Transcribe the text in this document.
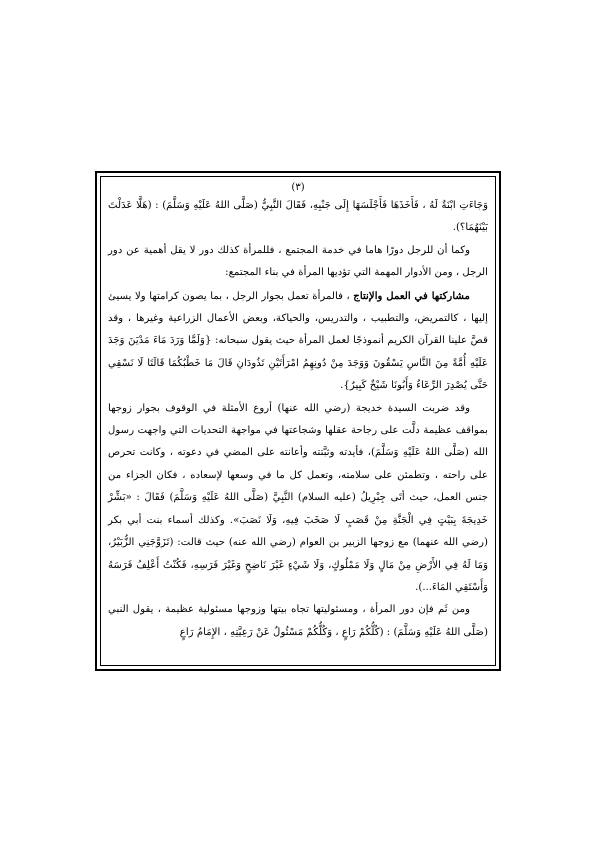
(٣)

وَجَاءَتِ ابْنَةٌ لَهُ ، فَأَخَذَهَا فَأَجْلَسَهَا إِلَى جَنْبِهِ، فَقَالَ النَّبِيُّ (صَلَّى اللهُ عَلَيْهِ وَسَلَّمَ) : (هَلَّا عَدَلْتَ بَيْنَهُمَا؟).

وكما أن للرجل دورًا هاما في خدمة المجتمع ، فللمرأة كذلك دور لا يقل أهمية عن دور الرجل ، ومن الأدوار المهمة التي تؤديها المرأة في بناء المجتمع:

مشاركتها في العمل والإنتاج ، فالمرأة تعمل بجوار الرجل ، بما يصون كرامتها ولا يسيئ إليها ، كالتمريض، والتطبيب ، والتدريس، والحياكة، وبعض الأعمال الزراعية وغيرها ، وقد قصَّ علينا القرآن الكريم أنموذجًا لعمل المرأة حيث يقول سبحانه: {وَلَمَّا وَرَدَ مَاءَ مَدْيَنَ وَجَدَ عَلَيْهِ أُمَّةً مِنَ النَّاسِ يَسْقُونَ وَوَجَدَ مِنْ دُونِهِمُ امْرَأَتَيْنِ تَذُودَانِ قَالَ مَا خَطْبُكُمَا قَالَتَا لَا نَسْقِي حَتَّى يُصْدِرَ الرِّعَاءُ وَأَبُونَا شَيْخٌ كَبِيرٌ}.

وقد ضربت السيدة خديجة (رضي الله عنها) أروع الأمثلة في الوقوف بجوار زوجها بمواقف عظيمة دلَّت على رجاحة عقلها وشجاعتها في مواجهة التحديات التي واجهت رسول الله (صَلَّى اللهُ عَلَيْهِ وَسَلَّمَ)، فأيدته وثبَّتته وأعانته على المضي في دعوته ، وكانت تحرص على راحته ، وتطمئن على سلامته، وتعمل كل ما في وسعها لإسعاده ، فكان الجزاء من جنس العمل، حيث أتَى جِبْرِيلُ (عليه السلام) النَّبِيَّ (صَلَّى اللهُ عَلَيْهِ وَسَلَّمَ) فَقَالَ : «بَشِّرْ خَدِيجَةَ بِبَيْتٍ فِي الْجَنَّةِ مِنْ قَصَبٍ لَا صَخَبَ فِيهِ، وَلَا نَصَبَ». وكذلك أسماء بنت أبي بكر (رضي الله عنهما) مع زوجها الزبير بن العوام (رضي الله عنه) حيث قالت: (تَزَوَّجَنِي الزُّبَيْرُ، وَمَا لَهُ فِي الأَرْضِ مِنْ مَالٍ وَلَا مَمْلُوكٍ، وَلَا شَيْءٍ غَيْرَ نَاضِحٍ وَغَيْرَ فَرَسِهِ، فَكُنْتُ أَعْلِفُ فَرَسَهُ وَأَسْتَقِي المَاءَ...).

ومن ثَم فإن دور المرأة ، ومسئوليتها تجاه بيتها وزوجها مسئولية عظيمة ، يقول النبي (صَلَّى اللهُ عَلَيْهِ وَسَلَّمَ) : (كُلُّكُمْ رَاعٍ ، وَكُلُّكُمْ مَسْئُولٌ عَنْ رَعِيَّتِهِ ، الإِمَامُ رَاعٍ
